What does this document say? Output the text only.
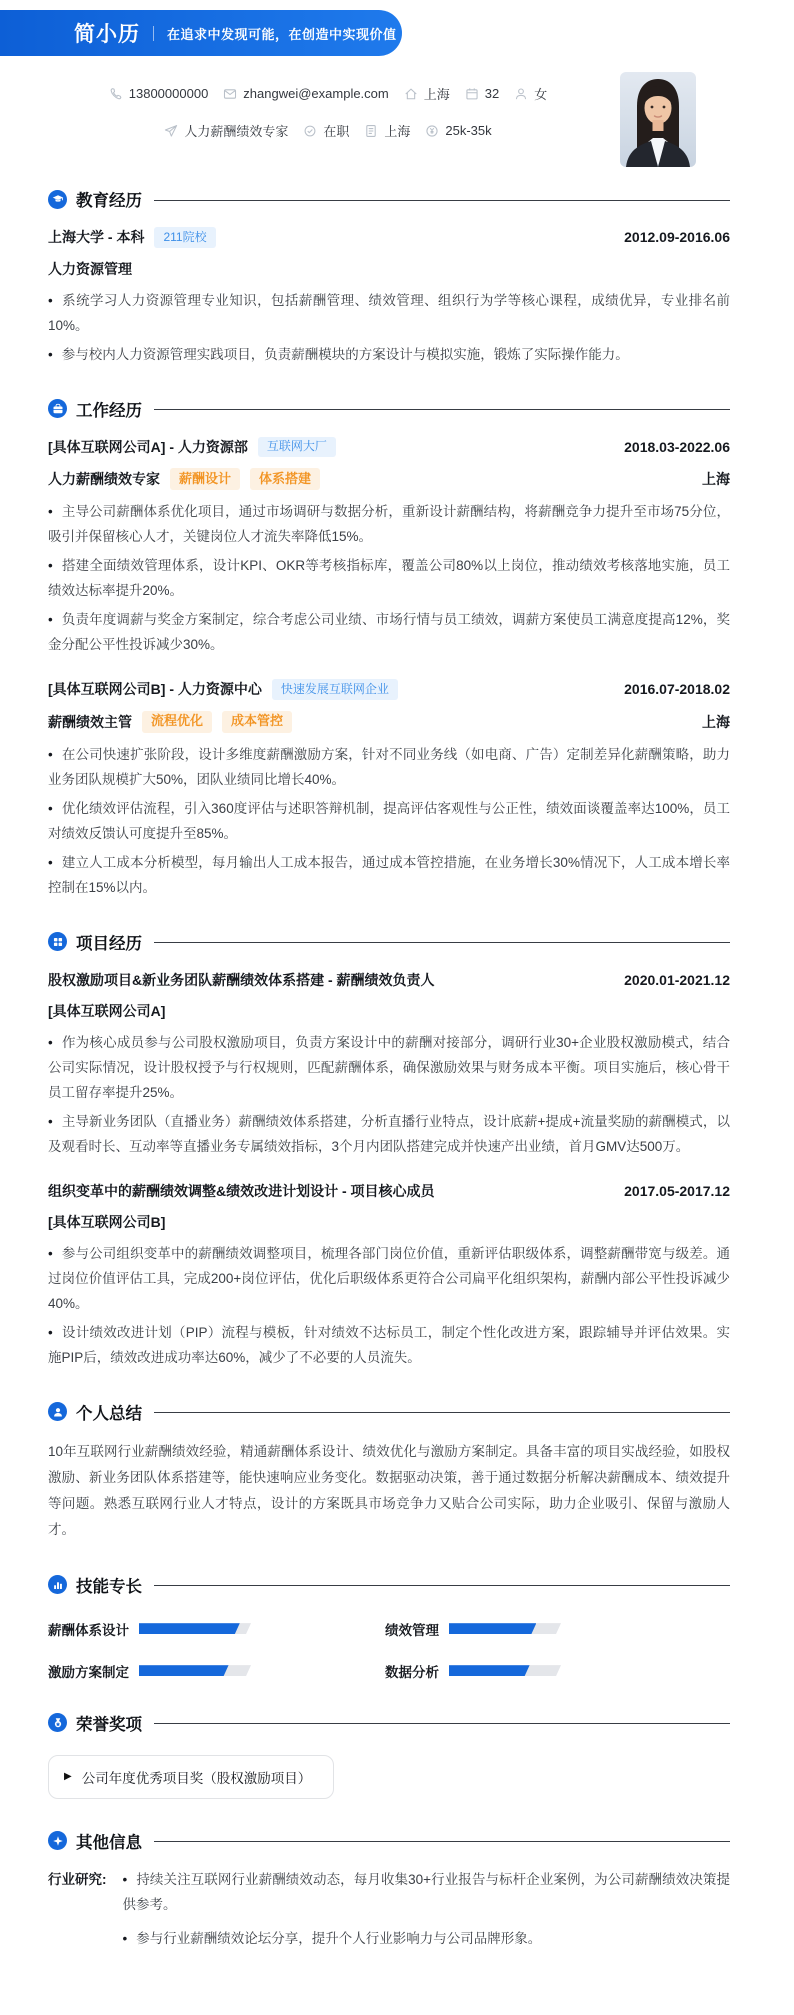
简小历 在追求中发现可能，在创造中实现价值
13800000000	zhangwei@example.com	上海	32	女
人力薪酬绩效专家	在职	上海	25k-35k
教育经历
上海大学 - 本科	211院校	2012.09-2016.06
人力资源管理
• 系统学习人力资源管理专业知识，包括薪酬管理、绩效管理、组织行为学等核心课程，成绩优异，专业排名前10%。
• 参与校内人力资源管理实践项目，负责薪酬模块的方案设计与模拟实施，锻炼了实际操作能力。
工作经历
[具体互联网公司A] - 人力资源部	互联网大厂	2018.03-2022.06
人力薪酬绩效专家	薪酬设计	体系搭建	上海
• 主导公司薪酬体系优化项目，通过市场调研与数据分析，重新设计薪酬结构，将薪酬竞争力提升至市场75分位，吸引并保留核心人才，关键岗位人才流失率降低15%。
• 搭建全面绩效管理体系，设计KPI、OKR等考核指标库，覆盖公司80%以上岗位，推动绩效考核落地实施，员工绩效达标率提升20%。
• 负责年度调薪与奖金方案制定，综合考虑公司业绩、市场行情与员工绩效，调薪方案使员工满意度提高12%，奖金分配公平性投诉减少30%。
[具体互联网公司B] - 人力资源中心	快速发展互联网企业	2016.07-2018.02
薪酬绩效主管	流程优化	成本管控	上海
• 在公司快速扩张阶段，设计多维度薪酬激励方案，针对不同业务线（如电商、广告）定制差异化薪酬策略，助力业务团队规模扩大50%，团队业绩同比增长40%。
• 优化绩效评估流程，引入360度评估与述职答辩机制，提高评估客观性与公正性，绩效面谈覆盖率达100%，员工对绩效反馈认可度提升至85%。
• 建立人工成本分析模型，每月输出人工成本报告，通过成本管控措施，在业务增长30%情况下，人工成本增长率控制在15%以内。
项目经历
股权激励项目&新业务团队薪酬绩效体系搭建 - 薪酬绩效负责人	2020.01-2021.12
[具体互联网公司A]
• 作为核心成员参与公司股权激励项目，负责方案设计中的薪酬对接部分，调研行业30+企业股权激励模式，结合公司实际情况，设计股权授予与行权规则，匹配薪酬体系，确保激励效果与财务成本平衡。项目实施后，核心骨干员工留存率提升25%。
• 主导新业务团队（直播业务）薪酬绩效体系搭建，分析直播行业特点，设计底薪+提成+流量奖励的薪酬模式，以及观看时长、互动率等直播业务专属绩效指标，3个月内团队搭建完成并快速产出业绩，首月GMV达500万。
组织变革中的薪酬绩效调整&绩效改进计划设计 - 项目核心成员	2017.05-2017.12
[具体互联网公司B]
• 参与公司组织变革中的薪酬绩效调整项目，梳理各部门岗位价值，重新评估职级体系，调整薪酬带宽与级差。通过岗位价值评估工具，完成200+岗位评估，优化后职级体系更符合公司扁平化组织架构，薪酬内部公平性投诉减少40%。
• 设计绩效改进计划（PIP）流程与模板，针对绩效不达标员工，制定个性化改进方案，跟踪辅导并评估效果。实施PIP后，绩效改进成功率达60%，减少了不必要的人员流失。
个人总结

10年互联网行业薪酬绩效经验，精通薪酬体系设计、绩效优化与激励方案制定。具备丰富的项目实战经验，如股权激励、新业务团队体系搭建等，能快速响应业务变化。数据驱动决策，善于通过数据分析解决薪酬成本、绩效提升等问题。熟悉互联网行业人才特点，设计的方案既具市场竞争力又贴合公司实际，助力企业吸引、保留与激励人才。

技能专长
薪酬体系设计	绩效管理
激励方案制定	数据分析
荣誉奖项
▶ 公司年度优秀项目奖（股权激励项目）
其他信息
行业研究: • 持续关注互联网行业薪酬绩效动态，每月收集30+行业报告与标杆企业案例，为公司薪酬绩效决策提供参考。
• 参与行业薪酬绩效论坛分享，提升个人行业影响力与公司品牌形象。
